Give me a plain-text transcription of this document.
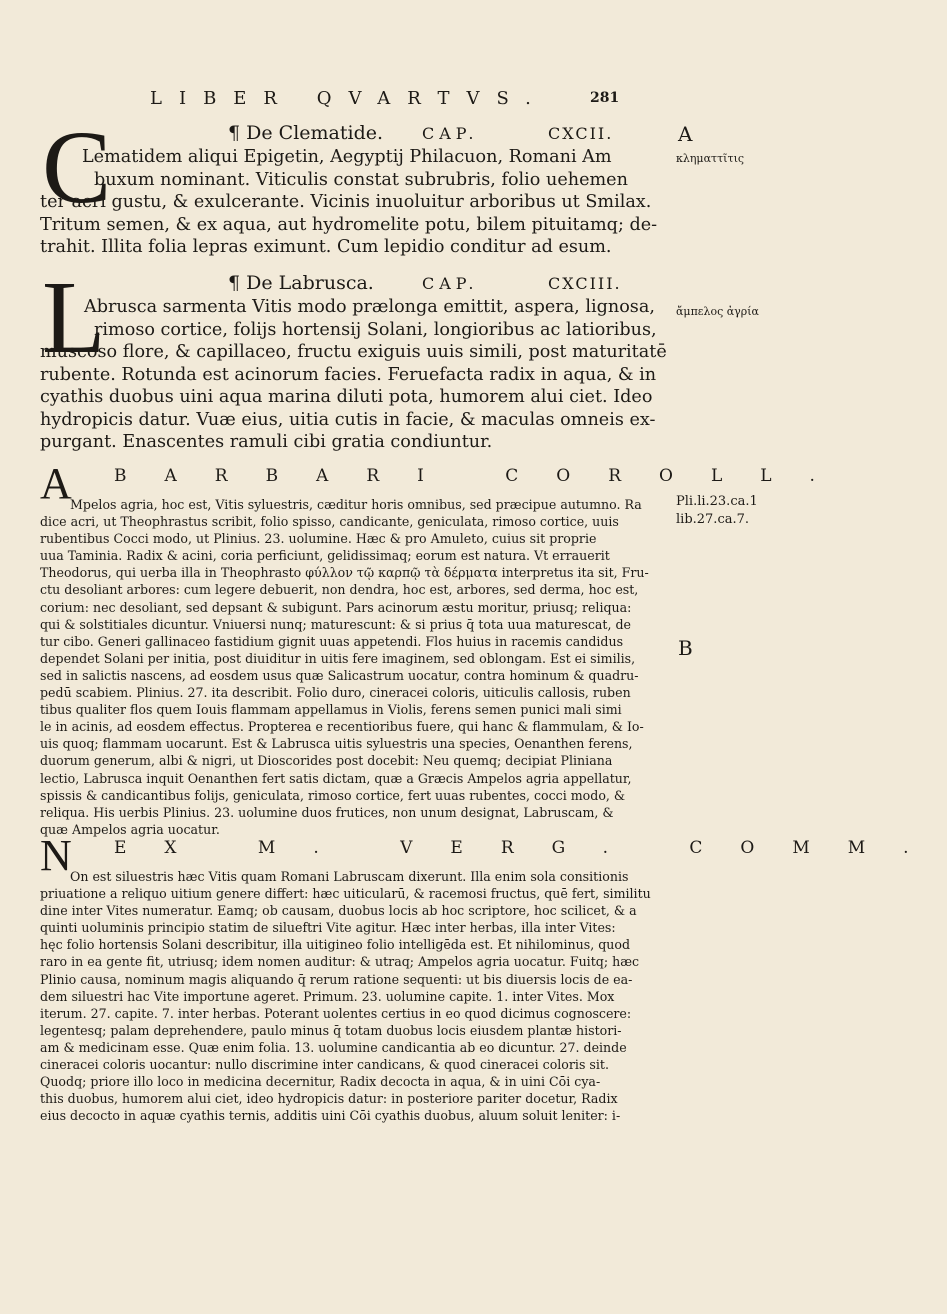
LIBER QVARTVS.	281
¶ De Clematide. CAP.	CXCII.
C
Lematidem aliqui Epigetin, Aegyptij Philacuon, Romani Am
buxum nominant. Viticulis constat subrubris, folio uehemen
ter acri gustu, & exulcerante. Vicinis inuoluitur arboribus ut Smilax.
Tritum semen, & ex aqua, aut hydromelite potu, bilem pituitamq; de-
trahit. Illita folia lepras eximunt. Cum lepidio conditur ad esum.
¶ De Labrusca.	CAP.	CXCIII.
L
Abrusca sarmenta Vitis modo prælonga emittit, aspera, lignosa,
rimoso cortice, folijs hortensij Solani, longioribus ac latioribus,
muscoso flore, & capillaceo, fructu exiguis uuis simili, post maturitatē
rubente. Rotunda est acinorum facies. Feruefacta radix in aqua, & in
cyathis duobus uini aqua marina diluti pota, humorem alui ciet. Ideo
hydropicis datur. Vuæ eius, uitia cutis in facie, & maculas omneis ex-
purgant. Enascentes ramuli cibi gratia condiuntur.
A BARBARI COROLL.
Mpelos agria, hoc est, Vitis syluestris, cæditur horis omnibus, sed præcipue autumno. Ra
dice acri, ut Theophrastus scribit, folio spisso, candicante, geniculata, rimoso cortice, uuis
rubentibus Cocci modo, ut Plinius. 23. uolumine. Hæc & pro Amuleto, cuius sit proprie
uua Taminia. Radix & acini, coria perficiunt, gelidissimaq; eorum est natura. Vt errauerit
Theodorus, qui uerba illa in Theophrasto φύλλον τῷ καρπῷ τὰ δέρματα interpretus ita sit, Fru-
ctu desoliant arbores: cum legere debuerit, non dendra, hoc est, arbores, sed derma, hoc est,
corium: nec desoliant, sed depsant & subigunt. Pars acinorum æstu moritur, priusq; reliqua:
qui & solstitiales dicuntur. Vniuersi nunq; maturescunt: & si prius q̄ tota uua maturescat, de
tur cibo. Generi gallinaceo fastidium gignit uuas appetendi. Flos huius in racemis candidus
dependet Solani per initia, post diuiditur in uitis fere imaginem, sed oblongam. Est ei similis,
sed in salictis nascens, ad eosdem usus quæ Salicastrum uocatur, contra hominum & quadru-
pedū scabiem. Plinius. 27. ita describit. Folio duro, cineracei coloris, uiticulis callosis, ruben
tibus qualiter flos quem Iouis flammam appellamus in Violis, ferens semen punici mali simi
le in acinis, ad eosdem effectus. Propterea e recentioribus fuere, qui hanc & flammulam, & Io-
uis quoq; flammam uocarunt. Est & Labrusca uitis syluestris una species, Oenanthen ferens,
duorum generum, albi & nigri, ut Dioscorides post docebit: Neu quemq; decipiat Pliniana
lectio, Labrusca inquit Oenanthen fert satis dictam, quæ a Græcis Ampelos agria appellatur,
spissis & candicantibus folijs, geniculata, rimoso cortice, fert uuas rubentes, cocci modo, &
reliqua. His uerbis Plinius. 23. uolumine duos frutices, non unum designat, Labruscam, &
quæ Ampelos agria uocatur.
N EX M. VERG. COMM.
On est siluestris hæc Vitis quam Romani Labruscam dixerunt. Illa enim sola consitionis
priuatione a reliquo uitium genere differt: hæc uiticularū, & racemosi fructus, quē fert, similitu
dine inter Vites numeratur. Eamq; ob causam, duobus locis ab hoc scriptore, hoc scilicet, & a
quinti uoluminis principio statim de silueftri Vite agitur. Hæc inter herbas, illa inter Vites:
hęc folio hortensis Solani describitur, illa uitigineo folio intelligēda est. Et nihilominus, quod
raro in ea gente fit, utriusq; idem nomen auditur: & utraq; Ampelos agria uocatur. Fuitq; hæc
Plinio causa, nominum magis aliquando q̄ rerum ratione sequenti: ut bis diuersis locis de ea-
dem siluestri hac Vite importune ageret. Primum. 23. uolumine capite. 1. inter Vites. Mox
iterum. 27. capite. 7. inter herbas. Poterant uolentes certius in eo quod dicimus cognoscere:
legentesq; palam deprehendere, paulo minus q̄ totam duobus locis eiusdem plantæ histori-
am & medicinam esse. Quæ enim folia. 13. uolumine candicantia ab eo dicuntur. 27. deinde
cineracei coloris uocantur: nullo discrimine inter candicans, & quod cineracei coloris sit.
Quodq; priore illo loco in medicina decernitur, Radix decocta in aqua, & in uini Cōi cya-
this duobus, humorem alui ciet, ideo hydropicis datur: in posteriore pariter docetur, Radix
eius decocto in aquæ cyathis ternis, additis uini Cōi cyathis duobus, aluum soluit leniter: i-
A
κληματτῖτις
ἄμπελος ἀγρία
Pli.li.23.ca.1
lib.27.ca.7.
B
